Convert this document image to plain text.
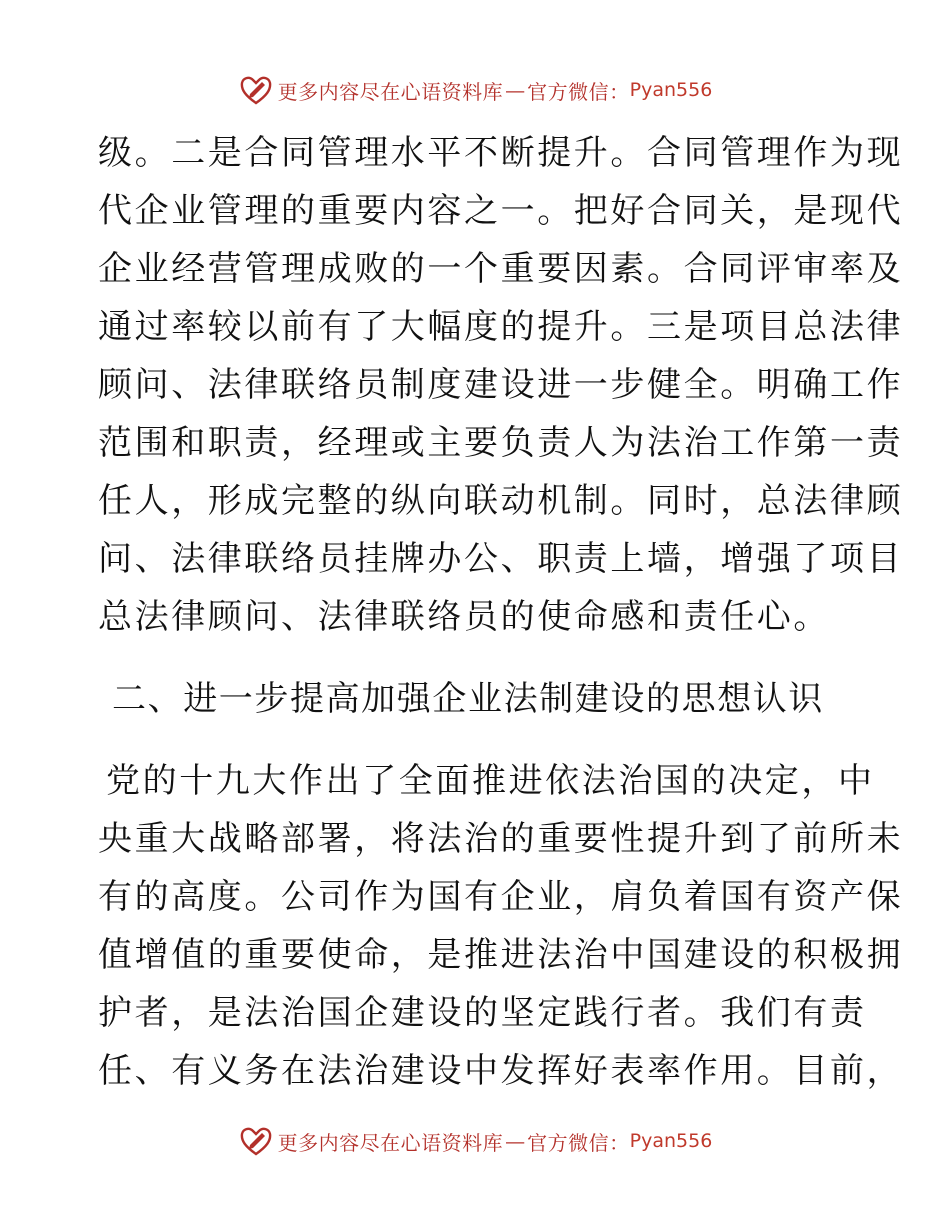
更多内容尽在心语资料库 — 官方微信： Pyan556
级。二是合同管理水平不断提升。合同管理作为现
代企业管理的重要内容之一。把好合同关，是现代
企业经营管理成败的一个重要因素。合同评审率及
通过率较以前有了大幅度的提升。三是项目总法律
顾问、法律联络员制度建设进一步健全。明确工作
范围和职责，经理或主要负责人为法治工作第一责
任人，形成完整的纵向联动机制。同时，总法律顾
问、法律联络员挂牌办公、职责上墙，增强了项目
总法律顾问、法律联络员的使命感和责任心。
二、进一步提高加强企业法制建设的思想认识
党的十九大作出了全面推进依法治国的决定，中
央重大战略部署，将法治的重要性提升到了前所未
有的高度。公司作为国有企业，肩负着国有资产保
值增值的重要使命，是推进法治中国建设的积极拥
护者，是法治国企建设的坚定践行者。我们有责
任、有义务在法治建设中发挥好表率作用。目前，
更多内容尽在心语资料库 — 官方微信： Pyan556
